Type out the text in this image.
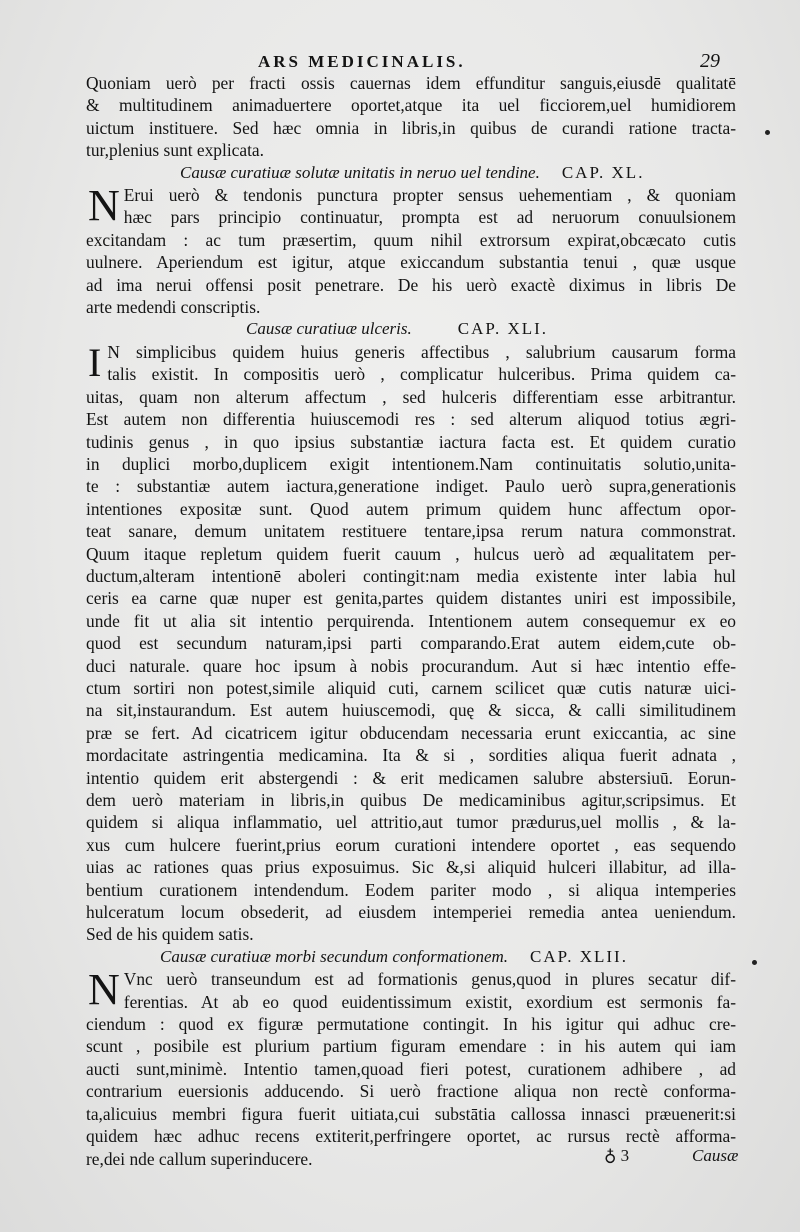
ARS MEDICINALIS.	29
Quoniam uerò per fracti ossis cauernas idem effunditur sanguis,eiusdē qualitatē
& multitudinem animaduertere oportet,atque ita uel ficciorem,uel humidiorem
uictum instituere. Sed hæc omnia in libris,in quibus de curandi ratione tracta-
tur,plenius sunt explicata.
Causæ curatiuæ solutæ unitatis in neruo uel tendine. CAP. XL.
N Erui uerò & tendonis punctura propter sensus uehementiam , & quoniam
hæc pars principio continuatur, prompta est ad neruorum conuulsionem
excitandam : ac tum præsertim, quum nihil extrorsum expirat,obcæcato cutis
uulnere. Aperiendum est igitur, atque exiccandum substantia tenui , quæ usque
ad ima nerui offensi posit penetrare. De his uerò exactè diximus in libris De
arte medendi conscriptis.
Causæ curatiuæ ulceris.	CAP. XLI.
I N simplicibus quidem huius generis affectibus , salubrium causarum forma
talis existit. In compositis uerò , complicatur hulceribus. Prima quidem ca-
uitas, quam non alterum affectum , sed hulceris differentiam esse arbitrantur.
Est autem non differentia huiuscemodi res : sed alterum aliquod totius ægri-
tudinis genus , in quo ipsius substantiæ iactura facta est. Et quidem curatio
in duplici morbo,duplicem exigit intentionem.Nam continuitatis solutio,unita-
te : substantiæ autem iactura,generatione indiget. Paulo uerò supra,generationis
intentiones expositæ sunt. Quod autem primum quidem hunc affectum opor-
teat sanare, demum unitatem restituere tentare,ipsa rerum natura commonstrat.
Quum itaque repletum quidem fuerit cauum , hulcus uerò ad æqualitatem per-
ductum,alteram intentionē aboleri contingit:nam media existente inter labia hul
ceris ea carne quæ nuper est genita,partes quidem distantes uniri est impossibile,
unde fit ut alia sit intentio perquirenda. Intentionem autem consequemur ex eo
quod est secundum naturam,ipsi parti comparando.Erat autem eidem,cute ob-
duci naturale. quare hoc ipsum à nobis procurandum. Aut si hæc intentio effe-
ctum sortiri non potest,simile aliquid cuti, carnem scilicet quæ cutis naturæ uici-
na sit,instaurandum. Est autem huiuscemodi, quę & sicca, & calli similitudinem
præ se fert. Ad cicatricem igitur obducendam necessaria erunt exiccantia, ac sine
mordacitate astringentia medicamina. Ita & si , sordities aliqua fuerit adnata ,
intentio quidem erit abstergendi : & erit medicamen salubre abstersiuū. Eorun-
dem uerò materiam in libris,in quibus De medicaminibus agitur,scripsimus. Et
quidem si aliqua inflammatio, uel attritio,aut tumor prædurus,uel mollis , & la-
xus cum hulcere fuerint,prius eorum curationi intendere oportet , eas sequendo
uias ac rationes quas prius exposuimus. Sic &,si aliquid hulceri illabitur, ad illa-
bentium curationem intendendum. Eodem pariter modo , si aliqua intemperies
hulceratum locum obsederit, ad eiusdem intemperiei remedia antea ueniendum.
Sed de his quidem satis.
Causæ curatiuæ morbi secundum conformationem. CAP. XLII.
N Vnc uerò transeundum est ad formationis genus,quod in plures secatur dif-
ferentias. At ab eo quod euidentissimum existit, exordium est sermonis fa-
ciendum : quod ex figuræ permutatione contingit. In his igitur qui adhuc cre-
scunt , posibile est plurium partium figuram emendare : in his autem qui iam
aucti sunt,minimè. Intentio tamen,quoad fieri potest, curationem adhibere , ad
contrarium euersionis adducendo. Si uerò fractione aliqua non rectè conforma-
ta,alicuius membri figura fuerit uitiata,cui substātia callossa innasci præuenerit:si
quidem hæc adhuc recens extiterit,perfringere oportet, ac rursus rectè afforma-
re,dei nde callum superinducere.	♁ 3	Causæ
